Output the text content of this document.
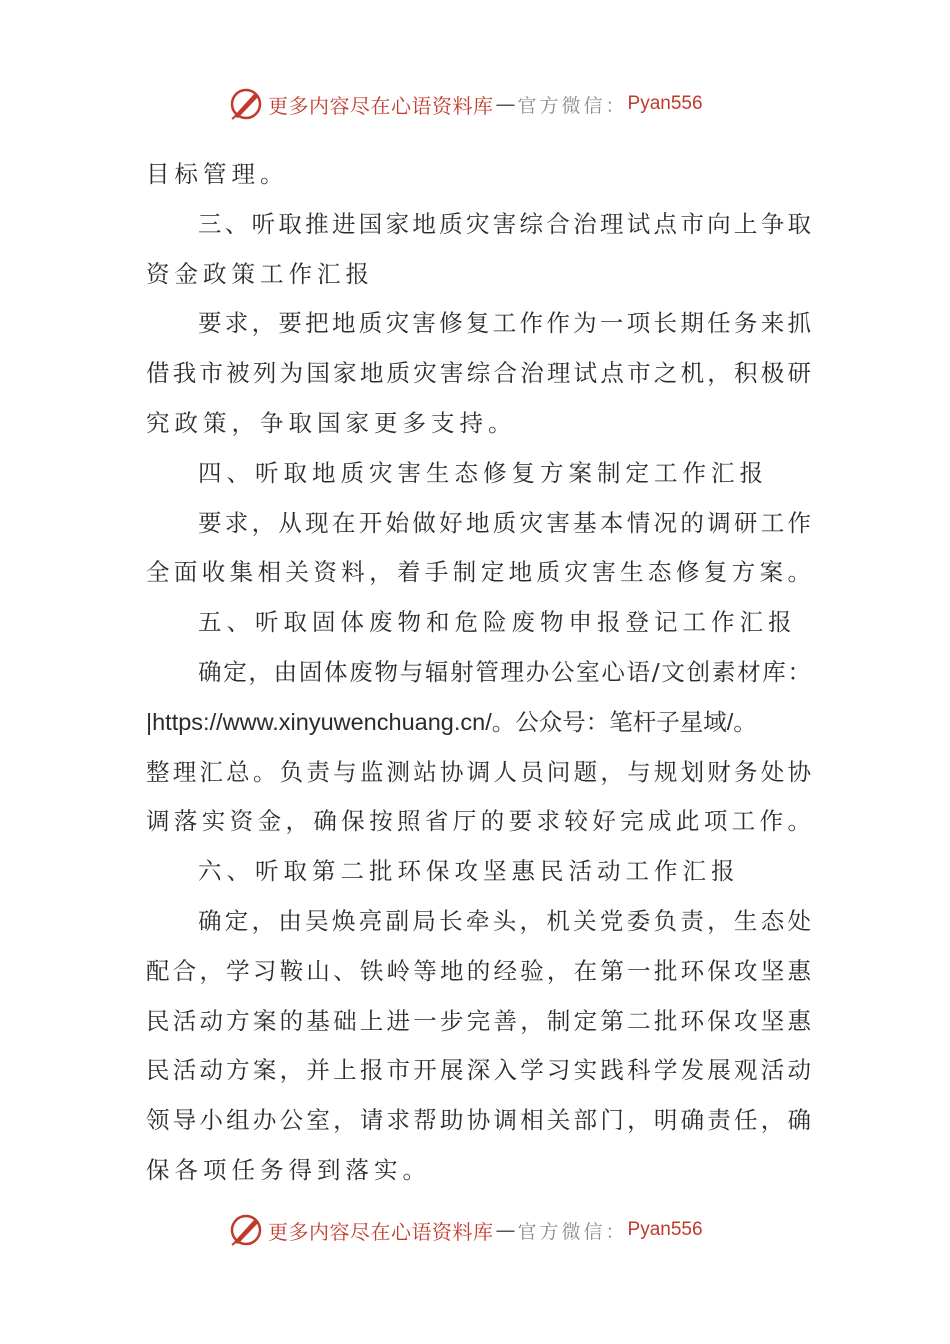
更多内容尽在心语资料库 — 官方微信： Pyan556
目标管理。
三、听取推进国家地质灾害综合治理试点市向上争取
资金政策工作汇报
要求，要把地质灾害修复工作作为一项长期任务来抓
借我市被列为国家地质灾害综合治理试点市之机，积极研
究政策，争取国家更多支持。
四、听取地质灾害生态修复方案制定工作汇报
要求，从现在开始做好地质灾害基本情况的调研工作
全面收集相关资料，着手制定地质灾害生态修复方案。
五、听取固体废物和危险废物申报登记工作汇报
确定，由固体废物与辐射管理办公室心语/文创素材库：
|https://www.xinyuwenchuang.cn/。公众号：笔杆子星域/。
整理汇总。负责与监测站协调人员问题，与规划财务处协
调落实资金，确保按照省厅的要求较好完成此项工作。
六、听取第二批环保攻坚惠民活动工作汇报
确定，由吴焕亮副局长牵头，机关党委负责，生态处
配合，学习鞍山、铁岭等地的经验，在第一批环保攻坚惠
民活动方案的基础上进一步完善，制定第二批环保攻坚惠
民活动方案，并上报市开展深入学习实践科学发展观活动
领导小组办公室，请求帮助协调相关部门，明确责任，确
保各项任务得到落实。
更多内容尽在心语资料库 — 官方微信： Pyan556
